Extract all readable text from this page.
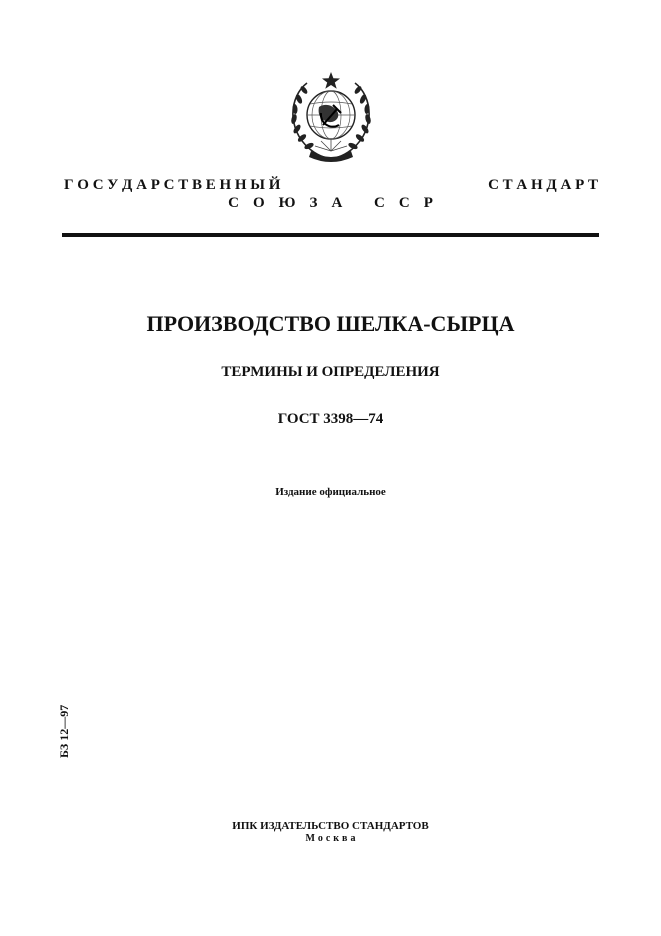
Г О С У Д А Р С Т В Е Н Н Ы Й	С Т А Н Д А Р Т
СОЮЗА ССР
ПРОИЗВОДСТВО ШЕЛКА-СЫРЦА
ТЕРМИНЫ И ОПРЕДЕЛЕНИЯ
ГОСТ 3398—74
Издание официальное
БЗ 12—97
ИПК ИЗДАТЕЛЬСТВО СТАНДАРТОВ
Москва
